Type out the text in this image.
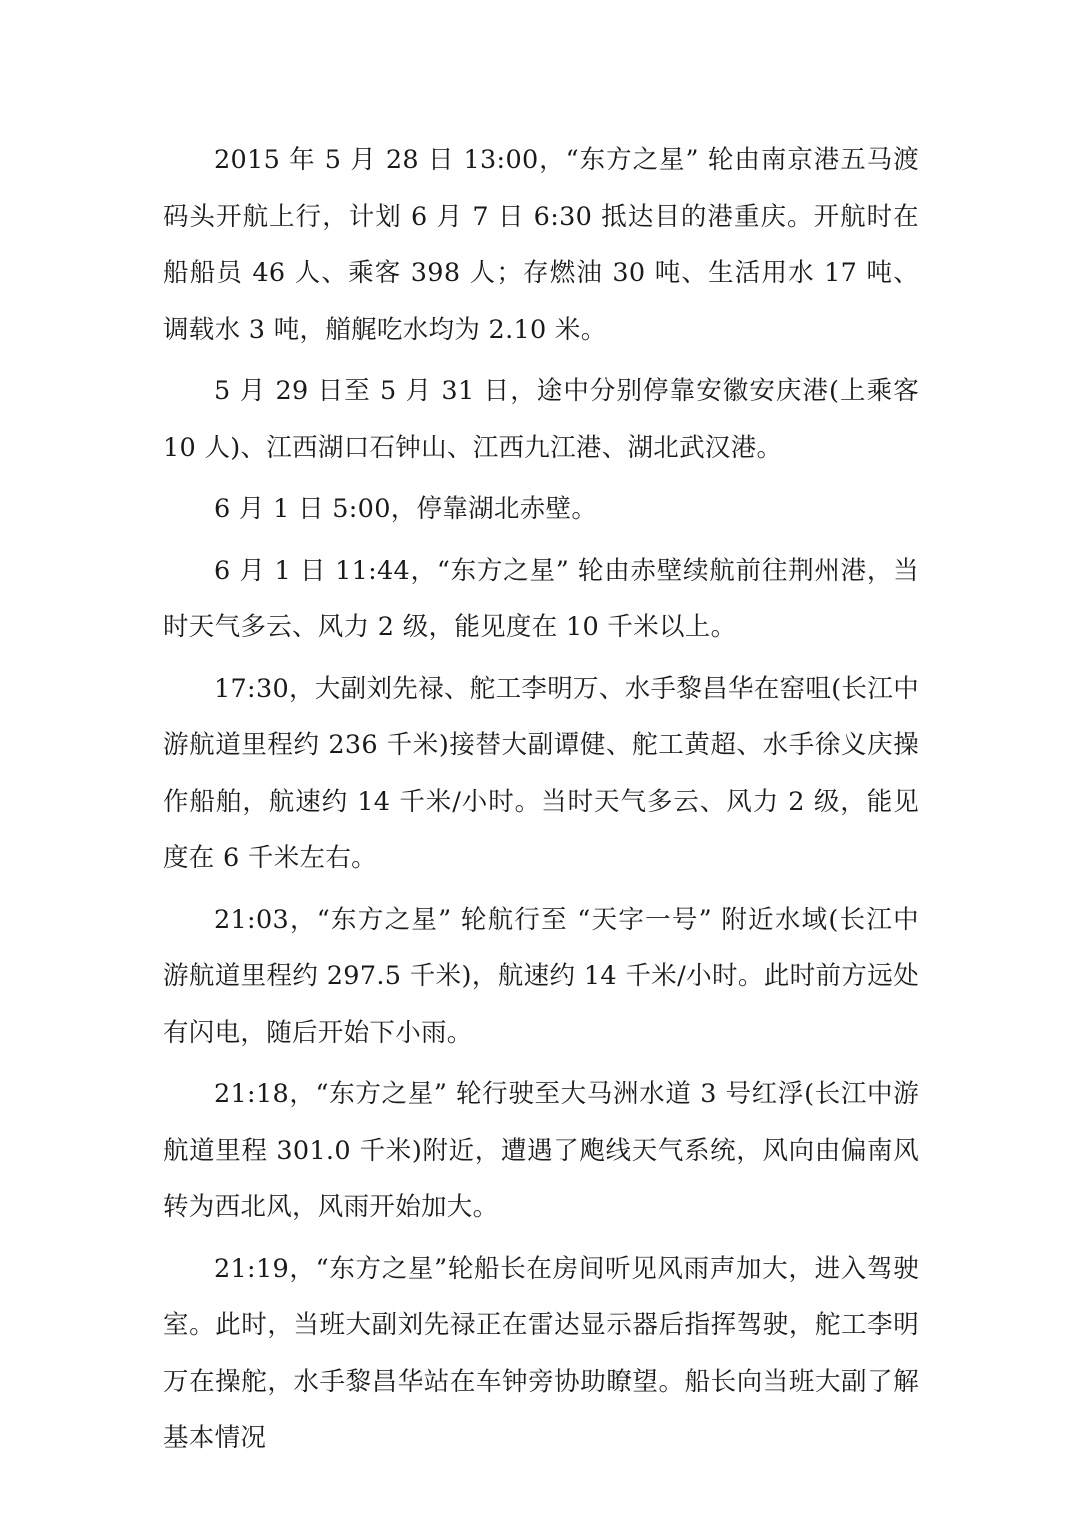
2015 年 5 月 28 日 13:00，“东方之星” 轮由南京港五马渡码头开航上行，计划 6 月 7 日 6:30 抵达目的港重庆。开航时在船船员 46 人、乘客 398 人；存燃油 30 吨、生活用水 17 吨、调载水 3 吨，艏艉吃水均为 2.10 米。

5 月 29 日至 5 月 31 日，途中分别停靠安徽安庆港(上乘客 10 人)、江西湖口石钟山、江西九江港、湖北武汉港。

6 月 1 日 5:00，停靠湖北赤壁。

6 月 1 日 11:44，“东方之星” 轮由赤壁续航前往荆州港，当时天气多云、风力 2 级，能见度在 10 千米以上。

17:30，大副刘先禄、舵工李明万、水手黎昌华在窑咀(长江中游航道里程约 236 千米)接替大副谭健、舵工黄超、水手徐义庆操作船舶，航速约 14 千米/小时。当时天气多云、风力 2 级，能见度在 6 千米左右。

21:03，“东方之星” 轮航行至 “天字一号” 附近水域(长江中游航道里程约 297.5 千米)，航速约 14 千米/小时。此时前方远处有闪电，随后开始下小雨。

21:18，“东方之星” 轮行驶至大马洲水道 3 号红浮(长江中游航道里程 301.0 千米)附近，遭遇了飑线天气系统，风向由偏南风转为西北风，风雨开始加大。

21:19，“东方之星”轮船长在房间听见风雨声加大，进入驾驶室。此时，当班大副刘先禄正在雷达显示器后指挥驾驶，舵工李明万在操舵，水手黎昌华站在车钟旁协助瞭望。船长向当班大副了解基本情况
